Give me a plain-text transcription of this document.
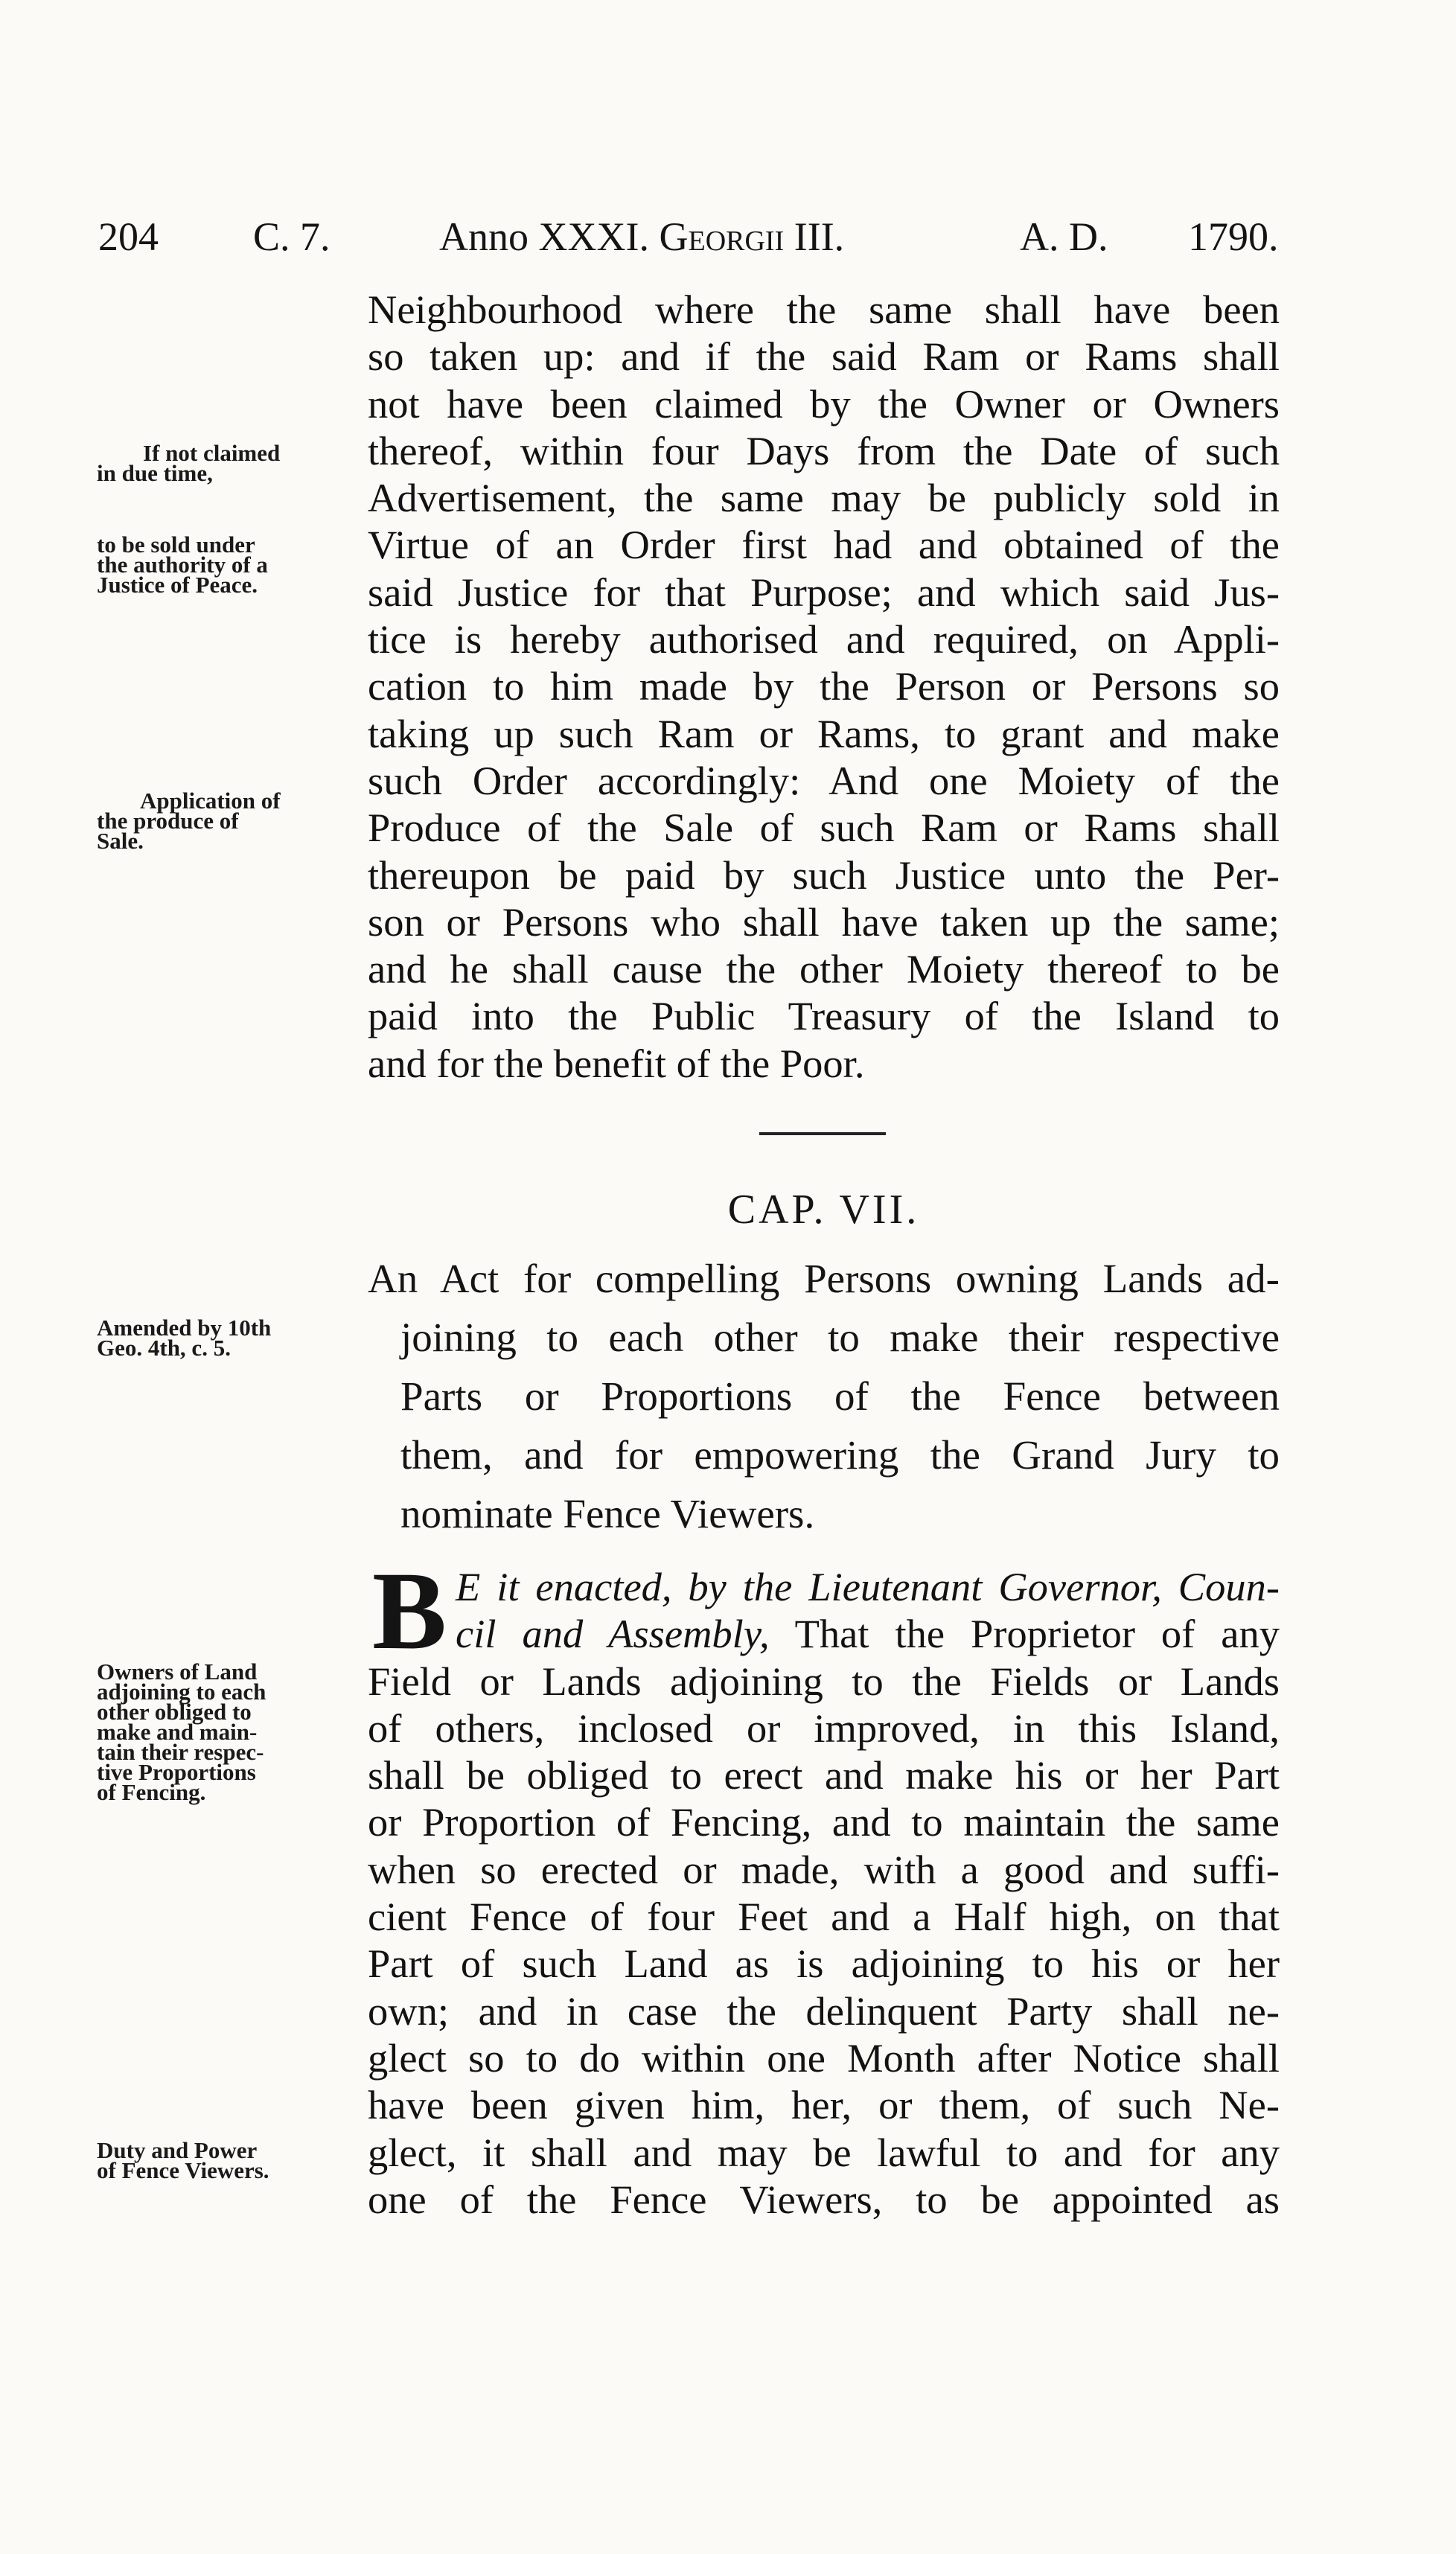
204 C. 7.	Anno XXXI. Georgii III.	A. D. 1790.
If not claimed
in due time,
to be sold under
the authority of a
Justice of Peace.
Application of
the produce of
Sale.
Amended by 10th
Geo. 4th, c. 5.
Owners of Land
adjoining to each
other obliged to
make and main-
tain their respec-
tive Proportions
of Fencing.
Duty and Power
of Fence Viewers.
Neighbourhood where the same shall have been
so taken up: and if the said Ram or Rams shall
not have been claimed by the Owner or Owners
thereof, within four Days from the Date of such
Advertisement, the same may be publicly sold in
Virtue of an Order first had and obtained of the
said Justice for that Purpose; and which said Jus-
tice is hereby authorised and required, on Appli-
cation to him made by the Person or Persons so
taking up such Ram or Rams, to grant and make
such Order accordingly: And one Moiety of the
Produce of the Sale of such Ram or Rams shall
thereupon be paid by such Justice unto the Per-
son or Persons who shall have taken up the same;
and he shall cause the other Moiety thereof to be
paid into the Public Treasury of the Island to
and for the benefit of the Poor.
CAP. VII.
An Act for compelling Persons owning Lands ad-
joining to each other to make their respective
Parts or Proportions of the Fence between
them, and for empowering the Grand Jury to
nominate Fence Viewers.
B E it enacted, by the Lieutenant Governor, Coun-
cil and Assembly, That the Proprietor of any
Field or Lands adjoining to the Fields or Lands
of others, inclosed or improved, in this Island,
shall be obliged to erect and make his or her Part
or Proportion of Fencing, and to maintain the same
when so erected or made, with a good and suffi-
cient Fence of four Feet and a Half high, on that
Part of such Land as is adjoining to his or her
own; and in case the delinquent Party shall ne-
glect so to do within one Month after Notice shall
have been given him, her, or them, of such Ne-
glect, it shall and may be lawful to and for any
one of the Fence Viewers, to be appointed as
